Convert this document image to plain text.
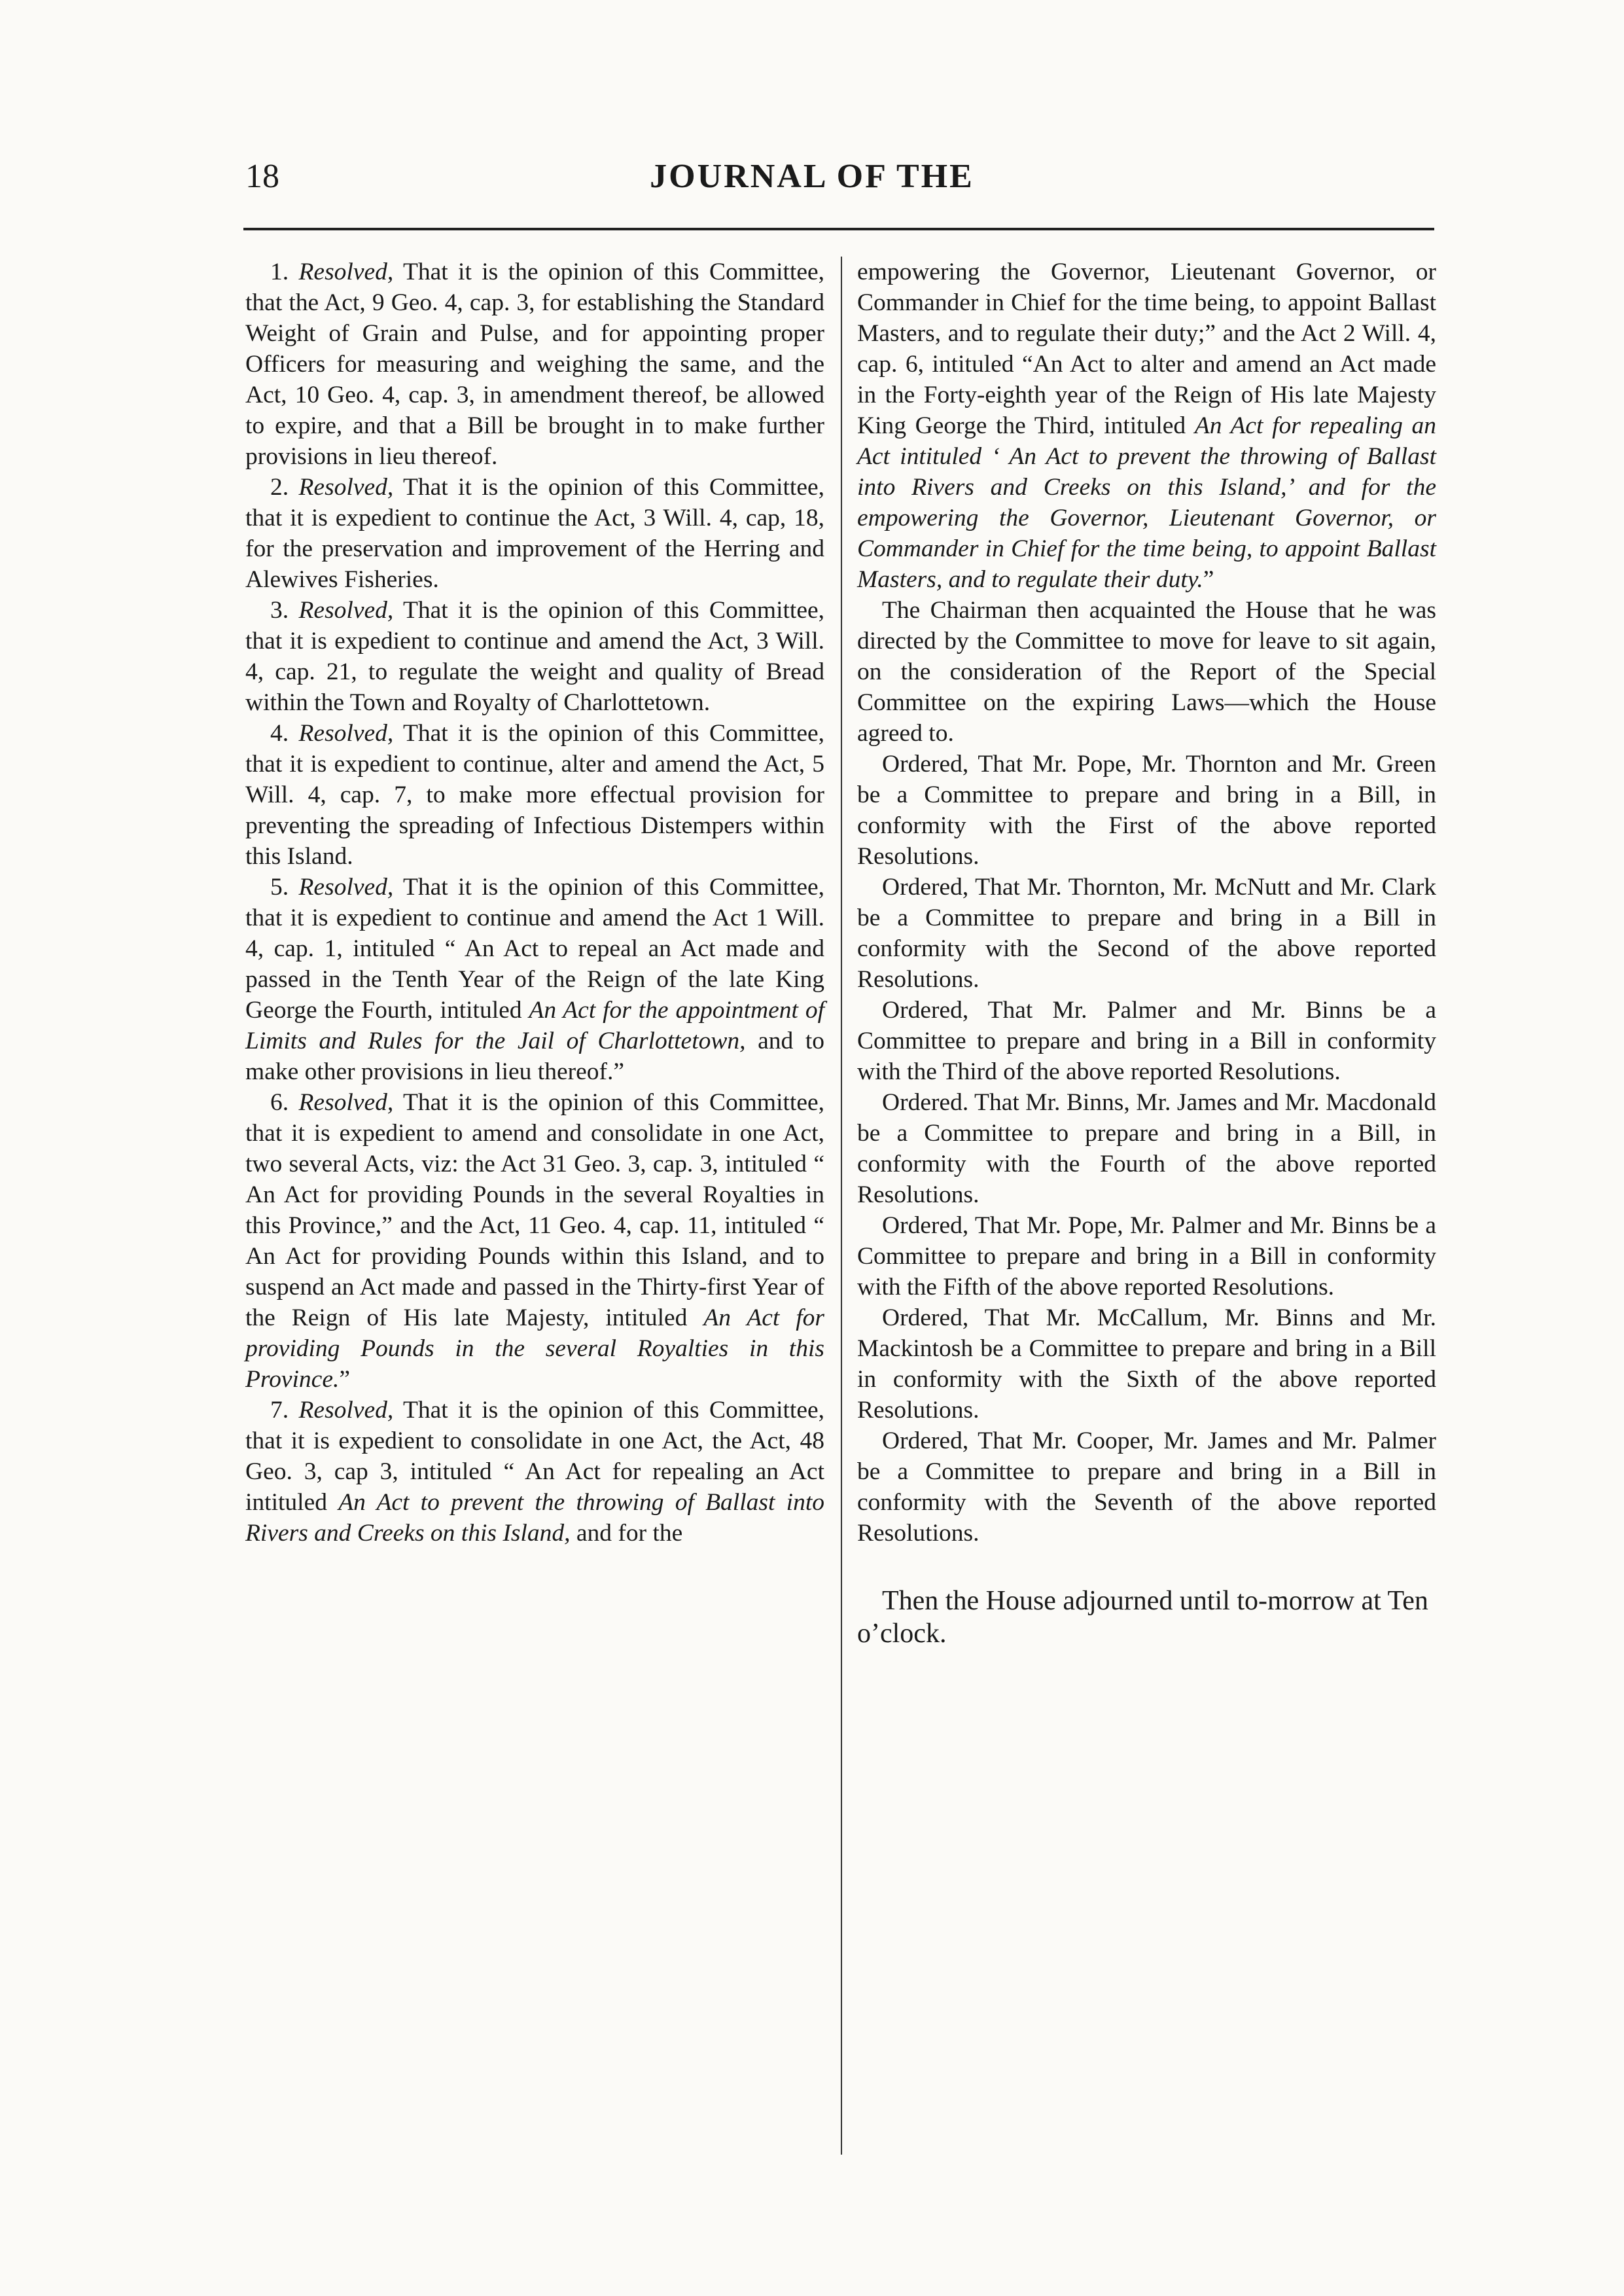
18	JOURNAL OF THE

1. Resolved, That it is the opinion of this Committee, that the Act, 9 Geo. 4, cap. 3, for establishing the Standard Weight of Grain and Pulse, and for appointing proper Officers for measuring and weighing the same, and the Act, 10 Geo. 4, cap. 3, in amendment thereof, be allowed to expire, and that a Bill be brought in to make further provisions in lieu thereof.

2. Resolved, That it is the opinion of this Committee, that it is expedient to continue the Act, 3 Will. 4, cap, 18, for the preservation and improvement of the Herring and Alewives Fisheries.

3. Resolved, That it is the opinion of this Committee, that it is expedient to continue and amend the Act, 3 Will. 4, cap. 21, to regulate the weight and quality of Bread within the Town and Royalty of Charlottetown.

4. Resolved, That it is the opinion of this Committee, that it is expedient to continue, alter and amend the Act, 5 Will. 4, cap. 7, to make more effectual provision for preventing the spreading of Infectious Distempers within this Island.

5. Resolved, That it is the opinion of this Committee, that it is expedient to continue and amend the Act 1 Will. 4, cap. 1, intituled “ An Act to repeal an Act made and passed in the Tenth Year of the Reign of the late King George the Fourth, intituled An Act for the appointment of Limits and Rules for the Jail of Charlottetown, and to make other provisions in lieu thereof.”

6. Resolved, That it is the opinion of this Committee, that it is expedient to amend and consolidate in one Act, two several Acts, viz: the Act 31 Geo. 3, cap. 3, intituled “ An Act for providing Pounds in the several Royalties in this Province,” and the Act, 11 Geo. 4, cap. 11, intituled “ An Act for providing Pounds within this Island, and to suspend an Act made and passed in the Thirty-first Year of the Reign of His late Majesty, intituled An Act for providing Pounds in the several Royalties in this Province.”

7. Resolved, That it is the opinion of this Committee, that it is expedient to consolidate in one Act, the Act, 48 Geo. 3, cap 3, intituled “ An Act for repealing an Act intituled An Act to prevent the throwing of Ballast into Rivers and Creeks on this Island, and for the

empowering the Governor, Lieutenant Governor, or Commander in Chief for the time being, to appoint Ballast Masters, and to regulate their duty;” and the Act 2 Will. 4, cap. 6, intituled “An Act to alter and amend an Act made in the Forty-eighth year of the Reign of His late Majesty King George the Third, intituled An Act for repealing an Act intituled ‘ An Act to prevent the throwing of Ballast into Rivers and Creeks on this Island,’ and for the empowering the Governor, Lieutenant Governor, or Commander in Chief for the time being, to appoint Ballast Masters, and to regulate their duty.”

The Chairman then acquainted the House that he was directed by the Committee to move for leave to sit again, on the consideration of the Report of the Special Committee on the expiring Laws—which the House agreed to.

Ordered, That Mr. Pope, Mr. Thornton and Mr. Green be a Committee to prepare and bring in a Bill, in conformity with the First of the above reported Resolutions.

Ordered, That Mr. Thornton, Mr. McNutt and Mr. Clark be a Committee to prepare and bring in a Bill in conformity with the Second of the above reported Resolutions.

Ordered, That Mr. Palmer and Mr. Binns be a Committee to prepare and bring in a Bill in conformity with the Third of the above reported Resolutions.

Ordered. That Mr. Binns, Mr. James and Mr. Macdonald be a Committee to prepare and bring in a Bill, in conformity with the Fourth of the above reported Resolutions.

Ordered, That Mr. Pope, Mr. Palmer and Mr. Binns be a Committee to prepare and bring in a Bill in conformity with the Fifth of the above reported Resolutions.

Ordered, That Mr. McCallum, Mr. Binns and Mr. Mackintosh be a Committee to prepare and bring in a Bill in conformity with the Sixth of the above reported Resolutions.

Ordered, That Mr. Cooper, Mr. James and Mr. Palmer be a Committee to prepare and bring in a Bill in conformity with the Seventh of the above reported Resolutions.

Then the House adjourned until to-morrow at Ten o’clock.
